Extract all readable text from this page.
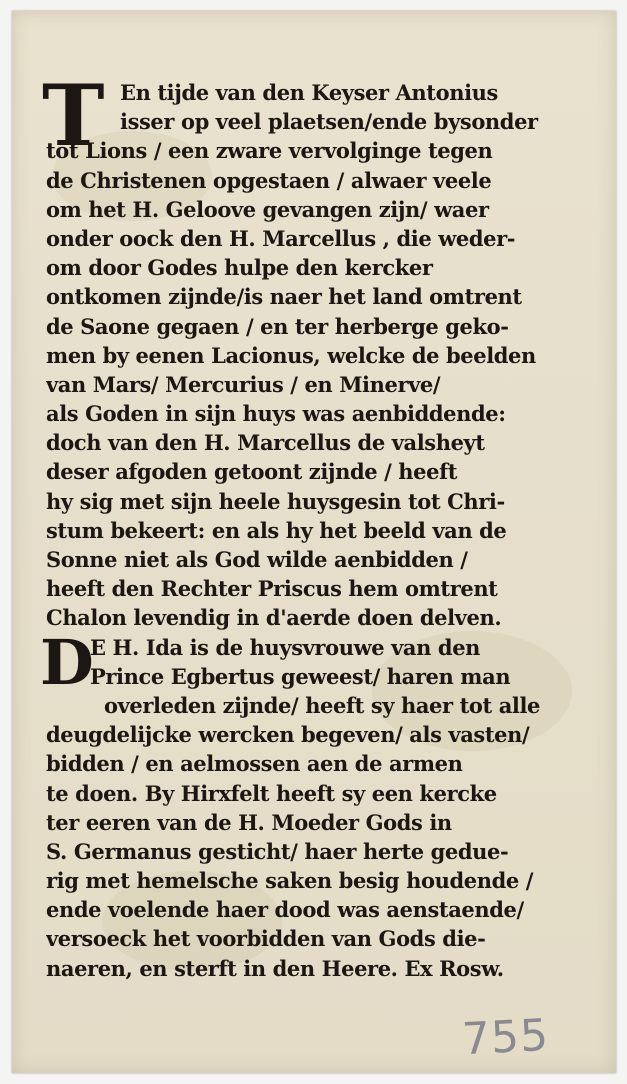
T En tijde van den Keyser Antonius
isser op veel plaetsen/ende bysonder
tot Lions / een zware vervolginge tegen
de Christenen opgestaen / alwaer veele
om het H. Geloove gevangen zijn/ waer
onder oock den H. Marcellus , die weder-
om door Godes hulpe den kercker
ontkomen zijnde/is naer het land omtrent
de Saone gegaen / en ter herberge geko-
men by eenen Lacionus, welcke de beelden
van Mars/ Mercurius / en Minerve/
als Goden in sijn huys was aenbiddende:
doch van den H. Marcellus de valsheyt
deser afgoden getoont zijnde / heeft
hy sig met sijn heele huysgesin tot Chri-
stum bekeert: en als hy het beeld van de
Sonne niet als God wilde aenbidden /
heeft den Rechter Priscus hem omtrent
Chalon levendig in d'aerde doen delven.
D
E H. Ida is de huysvrouwe van den
Prince Egbertus geweest/ haren man
overleden zijnde/ heeft sy haer tot alle
deugdelijcke wercken begeven/ als vasten/
bidden / en aelmossen aen de armen
te doen. By Hirxfelt heeft sy een kercke
ter eeren van de H. Moeder Gods in
S. Germanus gesticht/ haer herte gedue-
rig met hemelsche saken besig houdende /
ende voelende haer dood was aenstaende/
versoeck het voorbidden van Gods die-
naeren, en sterft in den Heere. Ex Rosw.
755
